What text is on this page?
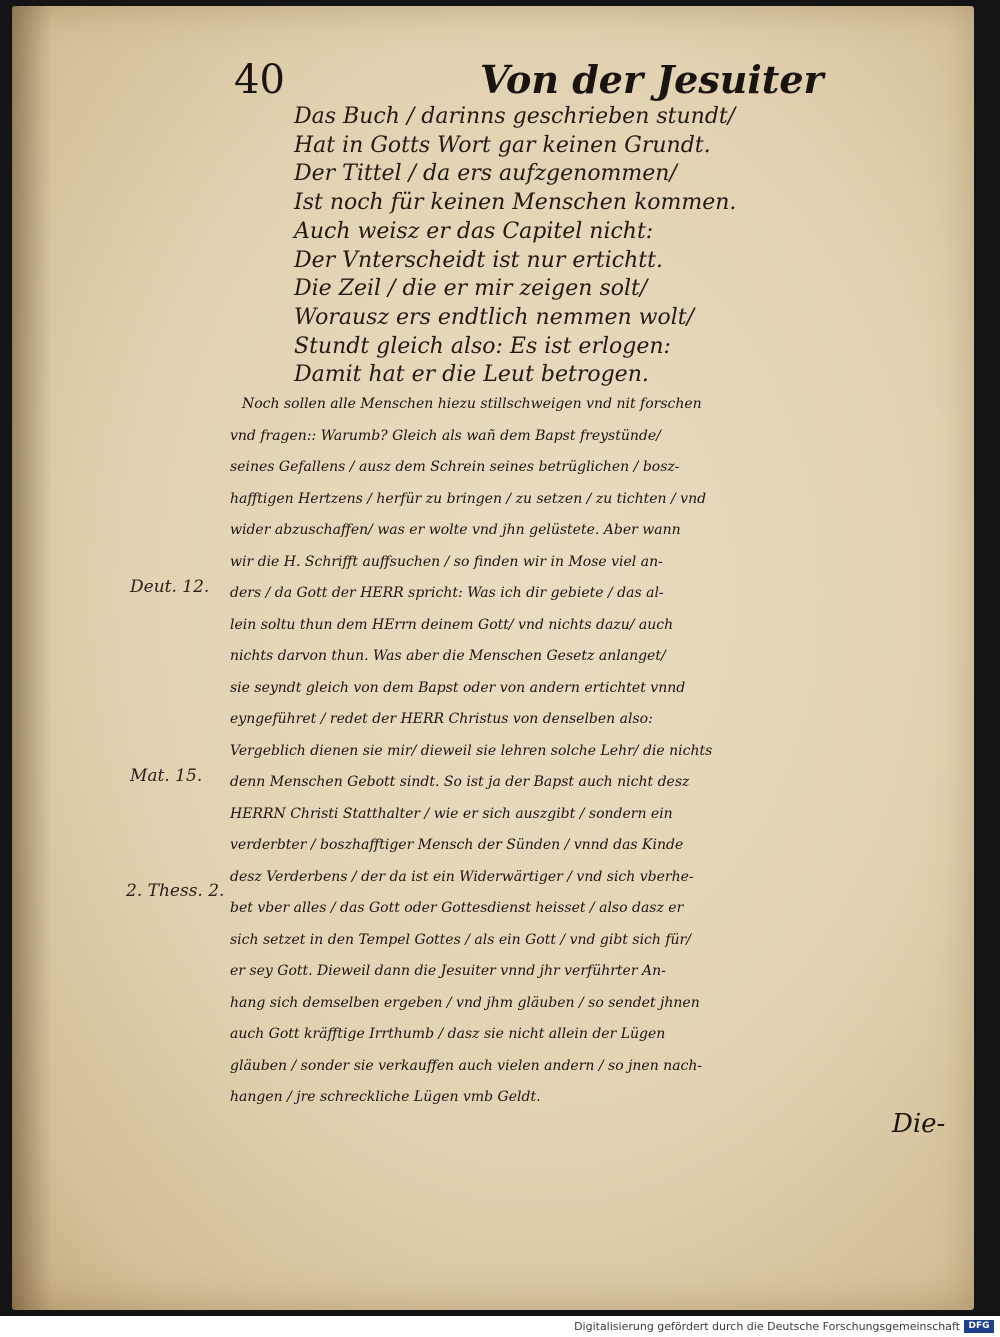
40	Von der Jesuiter
Das Buch / darinns geschrieben stundt/
Hat in Gotts Wort gar keinen Grundt.
Der Tittel / da ers aufzgenommen/
Ist noch für keinen Menschen kommen.
Auch weisz er das Capitel nicht:
Der Vnterscheidt ist nur ertichtt.
Die Zeil / die er mir zeigen solt/
Worausz ers endtlich nemmen wolt/
Stundt gleich also: Es ist erlogen:
Damit hat er die Leut betrogen.
Deut. 12.
Mat. 15.
2. Thess. 2.
Noch sollen alle Menschen hiezu stillschweigen vnd nit forschen
vnd fragen:: Warumb? Gleich als wañ dem Bapst freystünde/
seines Gefallens / ausz dem Schrein seines betrüglichen / bosz-
hafftigen Hertzens / herfür zu bringen / zu setzen / zu tichten / vnd
wider abzuschaffen/ was er wolte vnd jhn gelüstete. Aber wann
wir die H. Schrifft auffsuchen / so finden wir in Mose viel an-
ders / da Gott der HERR spricht: Was ich dir gebiete / das al-
lein soltu thun dem HErrn deinem Gott/ vnd nichts dazu/ auch
nichts darvon thun. Was aber die Menschen Gesetz anlanget/
sie seyndt gleich von dem Bapst oder von andern ertichtet vnnd
eyngeführet / redet der HERR Christus von denselben also:
Vergeblich dienen sie mir/ dieweil sie lehren solche Lehr/ die nichts
denn Menschen Gebott sindt. So ist ja der Bapst auch nicht desz
HERRN Christi Statthalter / wie er sich auszgibt / sondern ein
verderbter / boszhafftiger Mensch der Sünden / vnnd das Kinde
desz Verderbens / der da ist ein Widerwärtiger / vnd sich vberhe-
bet vber alles / das Gott oder Gottesdienst heisset / also dasz er
sich setzet in den Tempel Gottes / als ein Gott / vnd gibt sich für/
er sey Gott. Dieweil dann die Jesuiter vnnd jhr verführter An-
hang sich demselben ergeben / vnd jhm gläuben / so sendet jhnen
auch Gott kräfftige Irrthumb / dasz sie nicht allein der Lügen
gläuben / sonder sie verkauffen auch vielen andern / so jnen nach-
hangen / jre schreckliche Lügen vmb Geldt.
Die-
Digitalisierung gefördert durch die Deutsche Forschungsgemeinschaft DFG
